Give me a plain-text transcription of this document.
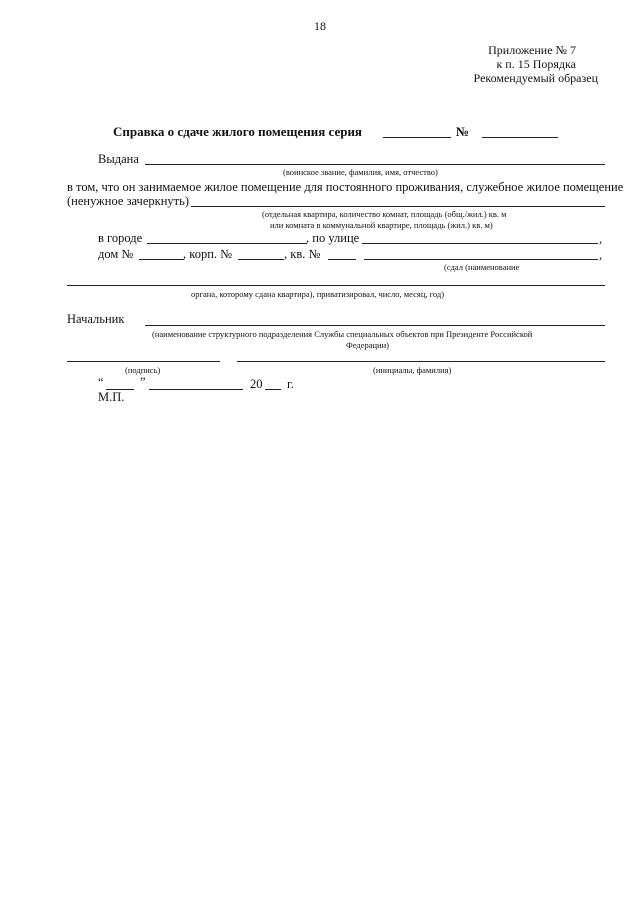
18
Приложение № 7
к п. 15 Порядка
Рекомендуемый образец
Справка о сдаче жилого помещения серия	№
Выдана
(воинское звание, фамилия, имя, отчество)
в том, что он занимаемое жилое помещение для постоянного проживания, служебное жилое помещение
(ненужное зачеркнуть)
(отдельная квартира, количество комнат, площадь (общ./жил.) кв. м
или комната в коммунальной квартире, площадь (жил.) кв. м)
в городе	, по улице	,
дом №	, корп. №	, кв. №	,
(сдал (наименование
органа, которому сдана квартира), приватизировал, число, месяц, год)
Начальник
(наименование структурного подразделения Службы специальных объектов при Президенте Российской
Федерации)
(подпись)	(инициалы, фамилия)
“	”	20 г.
М.П.
